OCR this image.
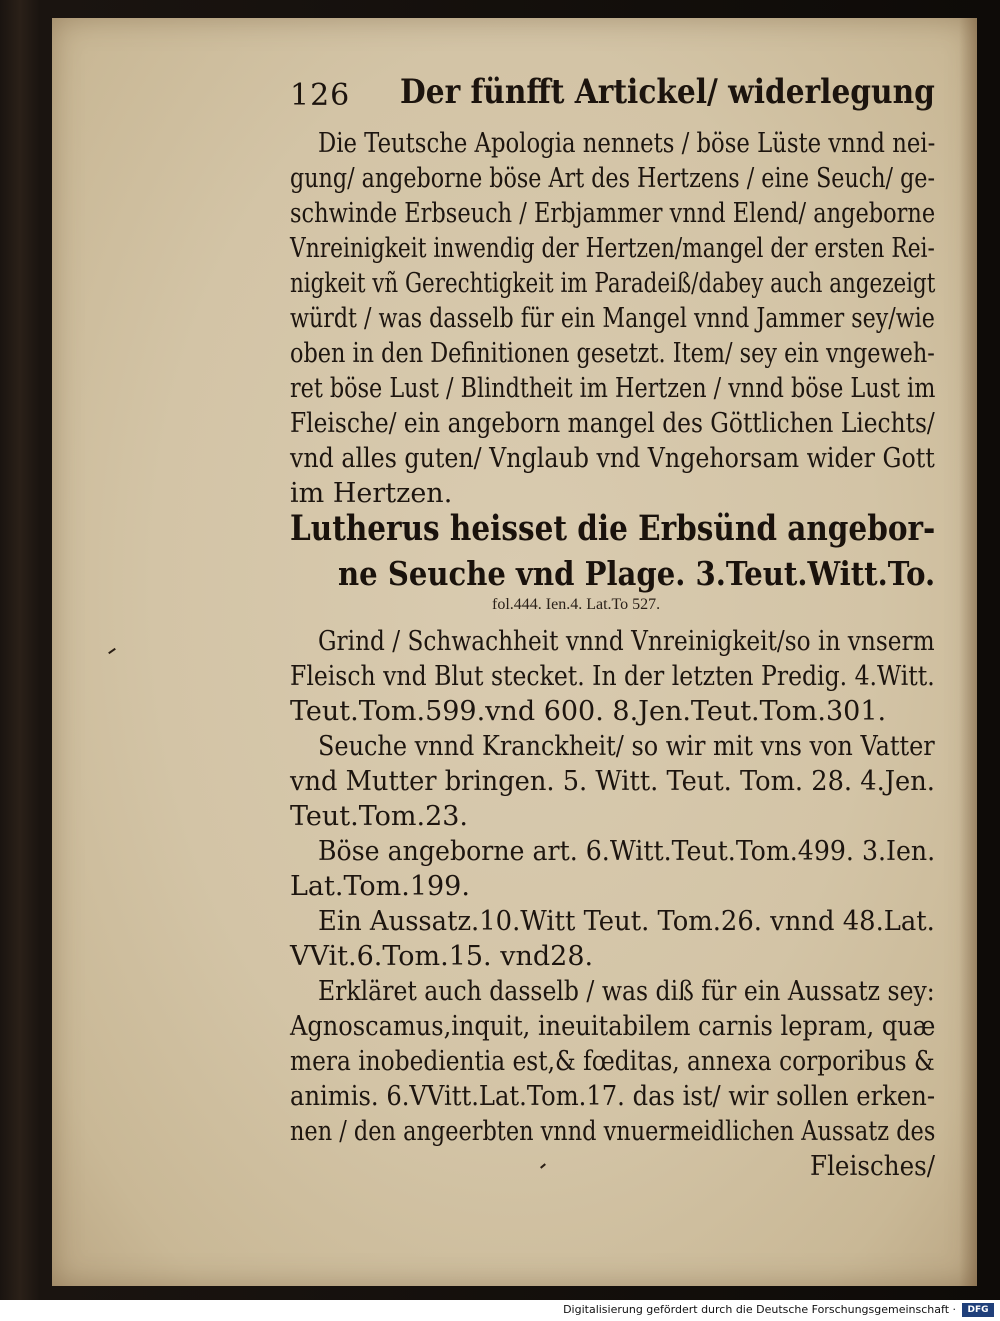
126 Der fünfft Artickel/ widerlegung
Die Teutsche Apologia nennets / böse Lüste vnnd nei-
gung/ angeborne böse Art des Hertzens / eine Seuch/ ge-
schwinde Erbseuch / Erbjammer vnnd Elend/ angeborne
Vnreinigkeit inwendig der Hertzen/mangel der ersten Rei-
nigkeit vñ Gerechtigkeit im Paradeiß/dabey auch angezeigt
würdt / was dasselb für ein Mangel vnnd Jammer sey/wie
oben in den Definitionen gesetzt. Item/ sey ein vngeweh-
ret böse Lust / Blindtheit im Hertzen / vnnd böse Lust im
Fleische/ ein angeborn mangel des Göttlichen Liechts/
vnd alles guten/ Vnglaub vnd Vngehorsam wider Gott
im Hertzen.
Lutherus heisset die Erbsünd angebor-
ne Seuche vnd Plage. 3.Teut.Witt.To.
fol.444. Ien.4. Lat.To 527.
Grind / Schwachheit vnnd Vnreinigkeit/so in vnserm
Fleisch vnd Blut stecket. In der letzten Predig. 4.Witt.
Teut.Tom.599.vnd 600. 8.Jen.Teut.Tom.301.
Seuche vnnd Kranckheit/ so wir mit vns von Vatter
vnd Mutter bringen. 5. Witt. Teut. Tom. 28. 4.Jen.
Teut.Tom.23.
Böse angeborne art. 6.Witt.Teut.Tom.499. 3.Ien.
Lat.Tom.199.
Ein Aussatz.10.Witt Teut. Tom.26. vnnd 48.Lat.
VVit.6.Tom.15. vnd28.
Erkläret auch dasselb / was diß für ein Aussatz sey:
Agnoscamus,inquit, ineuitabilem carnis lepram, quæ
mera inobedientia est,& fœditas, annexa corporibus &
animis. 6.VVitt.Lat.Tom.17. das ist/ wir sollen erken-
nen / den angeerbten vnnd vnuermeidlichen Aussatz des
Fleisches/
Digitalisierung gefördert durch die Deutsche Forschungsgemeinschaft ·	DFG
